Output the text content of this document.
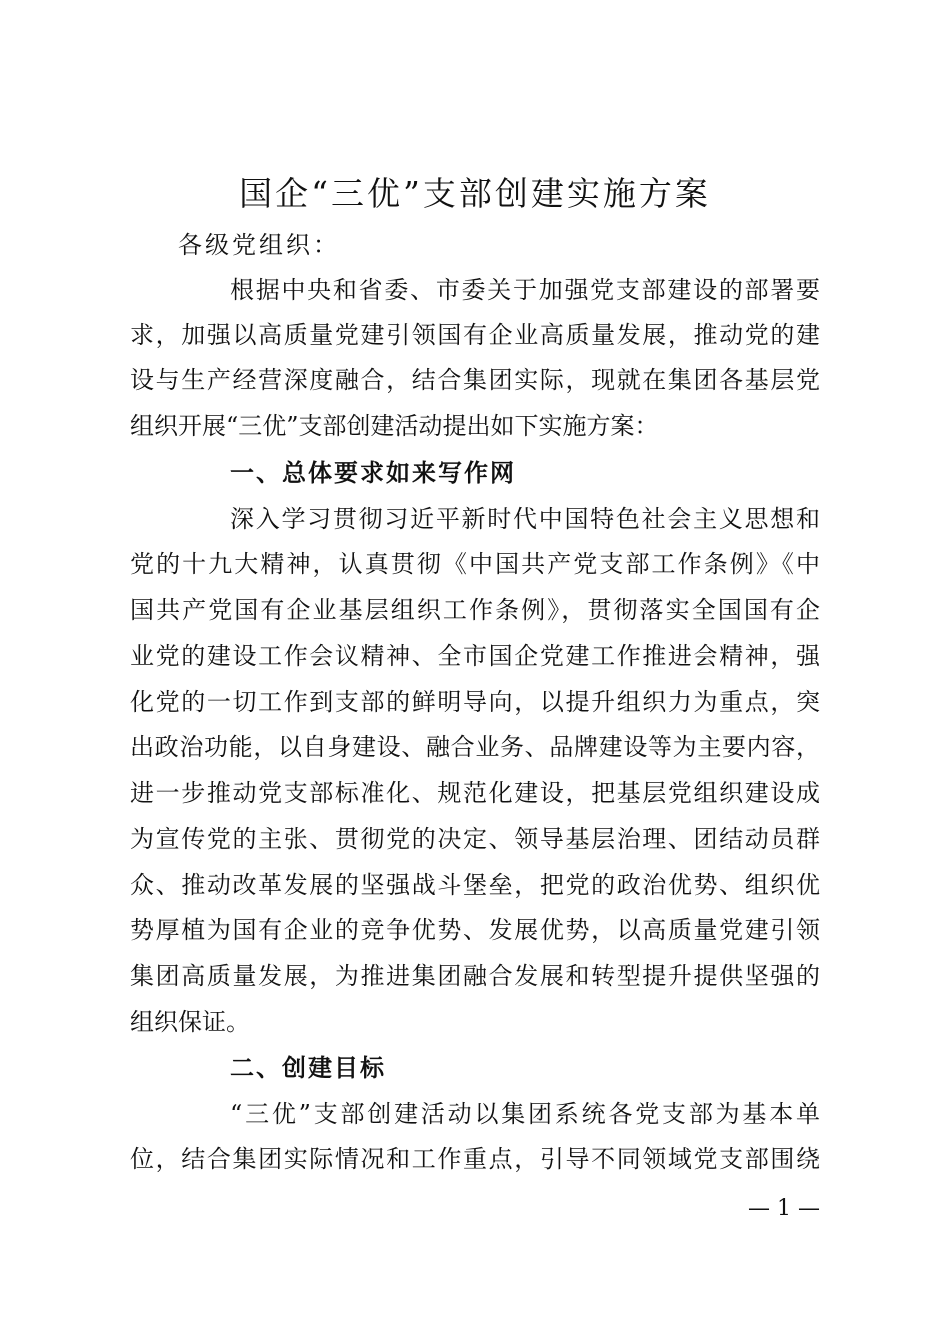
国企“三优”支部创建实施方案
各级党组织：
根据中央和省委、市委关于加强党支部建设的部署要
求，加强以高质量党建引领国有企业高质量发展，推动党的建
设与生产经营深度融合，结合集团实际，现就在集团各基层党
组织开展“三优”支部创建活动提出如下实施方案：
一、总体要求如来写作网
深入学习贯彻习近平新时代中国特色社会主义思想和
党的十九大精神，认真贯彻《中国共产党支部工作条例》《中
国共产党国有企业基层组织工作条例》，贯彻落实全国国有企
业党的建设工作会议精神、全市国企党建工作推进会精神，强
化党的一切工作到支部的鲜明导向，以提升组织力为重点，突
出政治功能，以自身建设、融合业务、品牌建设等为主要内容，
进一步推动党支部标准化、规范化建设，把基层党组织建设成
为宣传党的主张、贯彻党的决定、领导基层治理、团结动员群
众、推动改革发展的坚强战斗堡垒，把党的政治优势、组织优
势厚植为国有企业的竞争优势、发展优势，以高质量党建引领
集团高质量发展，为推进集团融合发展和转型提升提供坚强的
组织保证。
二、创建目标
“三优”支部创建活动以集团系统各党支部为基本单
位，结合集团实际情况和工作重点，引导不同领域党支部围绕
— 1 —
